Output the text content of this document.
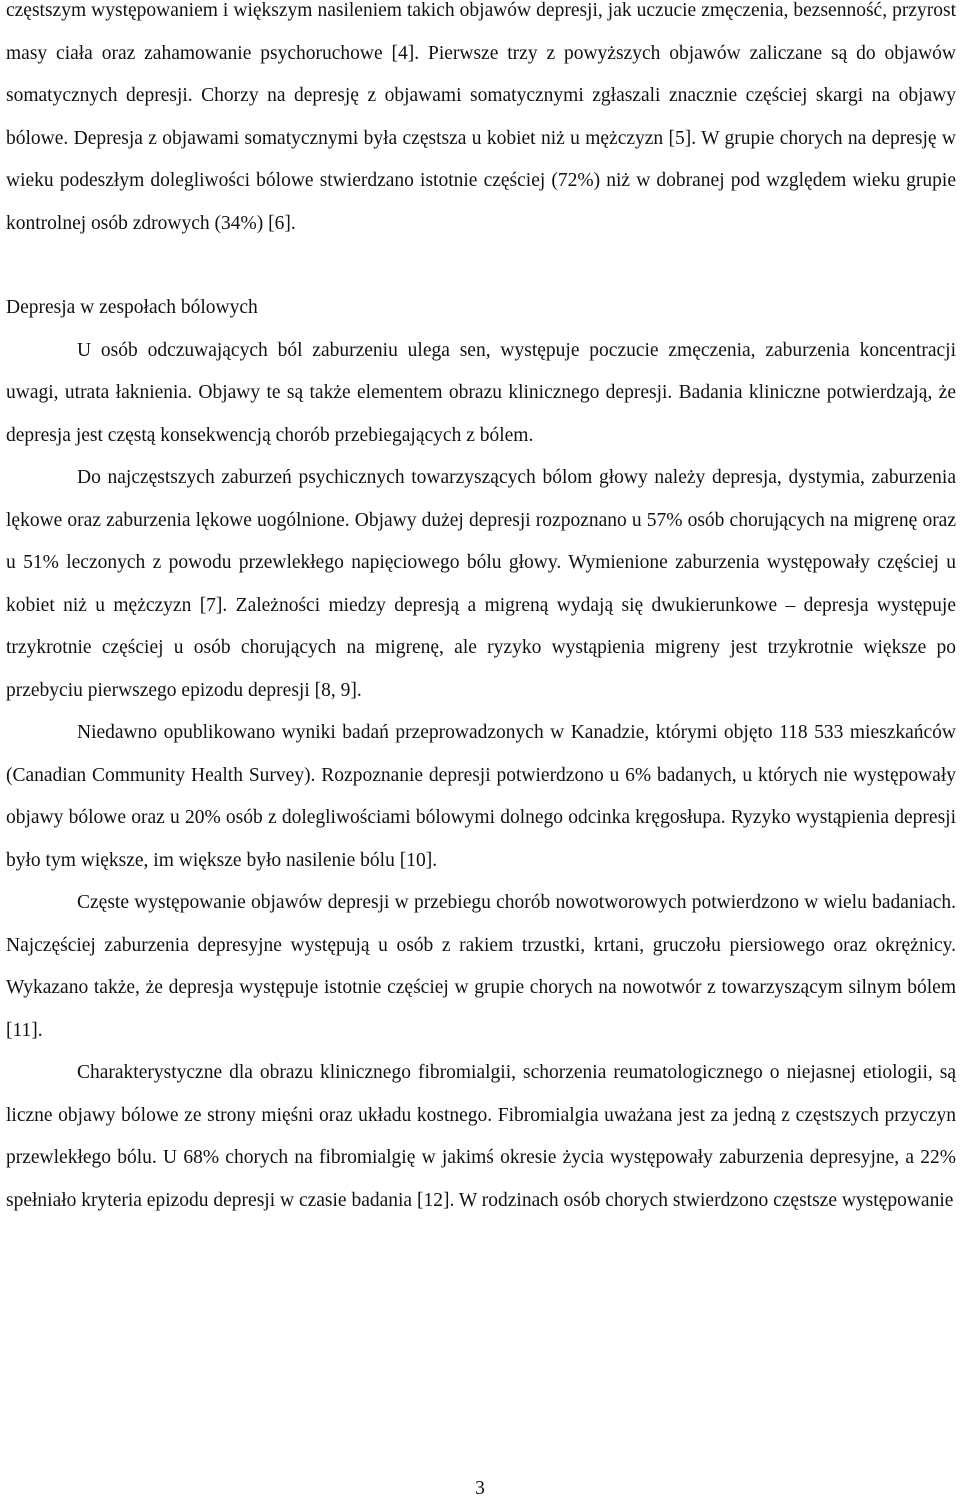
częstszym występowaniem i większym nasileniem takich objawów depresji, jak uczucie zmęczenia, bezsenność, przyrost masy ciała oraz zahamowanie psychoruchowe [4]. Pierwsze trzy z powyższych objawów zaliczane są do objawów somatycznych depresji. Chorzy na depresję z objawami somatycznymi zgłaszali znacznie częściej skargi na objawy bólowe. Depresja z objawami somatycznymi była częstsza u kobiet niż u mężczyzn [5]. W grupie chorych na depresję w wieku podeszłym dolegliwości bólowe stwierdzano istotnie częściej (72%) niż w dobranej pod względem wieku grupie kontrolnej osób zdrowych (34%) [6].

Depresja w zespołach bólowych

U osób odczuwających ból zaburzeniu ulega sen, występuje poczucie zmęczenia, zaburzenia koncentracji uwagi, utrata łaknienia. Objawy te są także elementem obrazu klinicznego depresji. Badania kliniczne potwierdzają, że depresja jest częstą konsekwencją chorób przebiegających z bólem.

Do najczęstszych zaburzeń psychicznych towarzyszących bólom głowy należy depresja, dystymia, zaburzenia lękowe oraz zaburzenia lękowe uogólnione. Objawy dużej depresji rozpoznano u 57% osób chorujących na migrenę oraz u 51% leczonych z powodu przewlekłego napięciowego bólu głowy. Wymienione zaburzenia występowały częściej u kobiet niż u mężczyzn [7]. Zależności miedzy depresją a migreną wydają się dwukierunkowe – depresja występuje trzykrotnie częściej u osób chorujących na migrenę, ale ryzyko wystąpienia migreny jest trzykrotnie większe po przebyciu pierwszego epizodu depresji [8, 9].

Niedawno opublikowano wyniki badań przeprowadzonych w Kanadzie, którymi objęto 118 533 mieszkańców (Canadian Community Health Survey). Rozpoznanie depresji potwierdzono u 6% badanych, u których nie występowały objawy bólowe oraz u 20% osób z dolegliwościami bólowymi dolnego odcinka kręgosłupa. Ryzyko wystąpienia depresji było tym większe, im większe było nasilenie bólu [10].

Częste występowanie objawów depresji w przebiegu chorób nowotworowych potwierdzono w wielu badaniach. Najczęściej zaburzenia depresyjne występują u osób z rakiem trzustki, krtani, gruczołu piersiowego oraz okrężnicy. Wykazano także, że depresja występuje istotnie częściej w grupie chorych na nowotwór z towarzyszącym silnym bólem [11].

Charakterystyczne dla obrazu klinicznego fibromialgii, schorzenia reumatologicznego o niejasnej etiologii, są liczne objawy bólowe ze strony mięśni oraz układu kostnego. Fibromialgia uważana jest za jedną z częstszych przyczyn przewlekłego bólu. U 68% chorych na fibromialgię w jakimś okresie życia występowały zaburzenia depresyjne, a 22% spełniało kryteria epizodu depresji w czasie badania [12]. W rodzinach osób chorych stwierdzono częstsze występowanie

3
